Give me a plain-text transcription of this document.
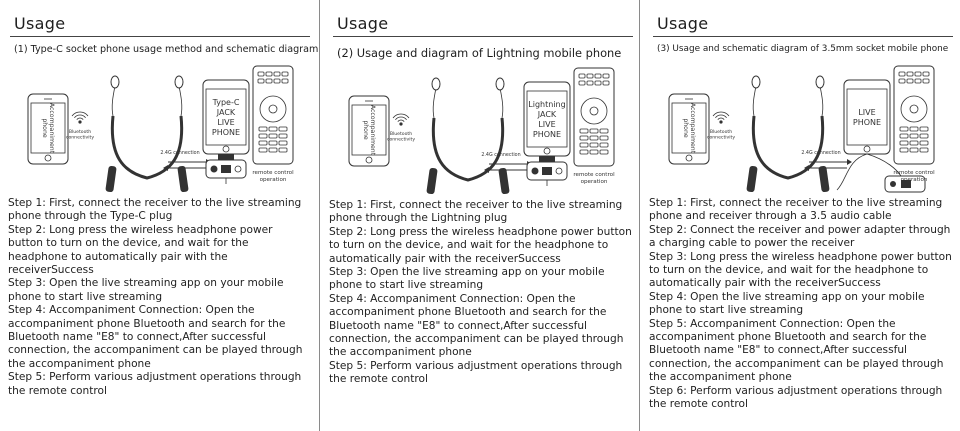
Usage
(1) Type-C socket phone usage method and schematic diagram
Accompaniment
phone	Bluetooth
connectivity
2.4G connection
Type-C
JACK
LIVE
PHONE
remote control
operation
Step 1: First, connect the receiver to the live streaming phone through the Type-C plug
Step 2: Long press the wireless headphone power button to turn on the device, and wait for the headphone to automatically pair with the receiverSuccess
Step 3: Open the live streaming app on your mobile phone to start live streaming
Step 4: Accompaniment Connection: Open the accompaniment phone Bluetooth and search for the Bluetooth name "E8" to connect,After successful connection, the accompaniment can be played through the accompaniment phone
Step 5: Perform various adjustment operations through the remote control
Usage
(2) Usage and diagram of Lightning mobile phone
Accompaniment
phone	Bluetooth
connectivity
2.4G connection
Lightning
JACK
LIVE
PHONE
remote control
operation
Step 1: First, connect the receiver to the live streaming phone through the Lightning plug
Step 2: Long press the wireless headphone power button to turn on the device, and wait for the headphone to automatically pair with the receiverSuccess
Step 3: Open the live streaming app on your mobile phone to start live streaming
Step 4: Accompaniment Connection: Open the accompaniment phone Bluetooth and search for the Bluetooth name "E8" to connect,After successful connection, the accompaniment can be played through the accompaniment phone
Step 5: Perform various adjustment operations through the remote control
Usage
(3) Usage and schematic diagram of 3.5mm socket mobile phone
Accompaniment
phone	Bluetooth
connectivity
2.4G connection
LIVE
PHONE
remote control
operation
Step 1: First, connect the receiver to the live streaming phone and receiver through a 3.5 audio cable
Step 2: Connect the receiver and power adapter through a charging cable to power the receiver
Step 3: Long press the wireless headphone power button to turn on the device, and wait for the headphone to automatically pair with the receiverSuccess
Step 4: Open the live streaming app on your mobile phone to start live streaming
Step 5: Accompaniment Connection: Open the accompaniment phone Bluetooth and search for the Bluetooth name "E8" to connect,After successful connection, the accompaniment can be played through the accompaniment phone
Step 6: Perform various adjustment operations through the remote control
